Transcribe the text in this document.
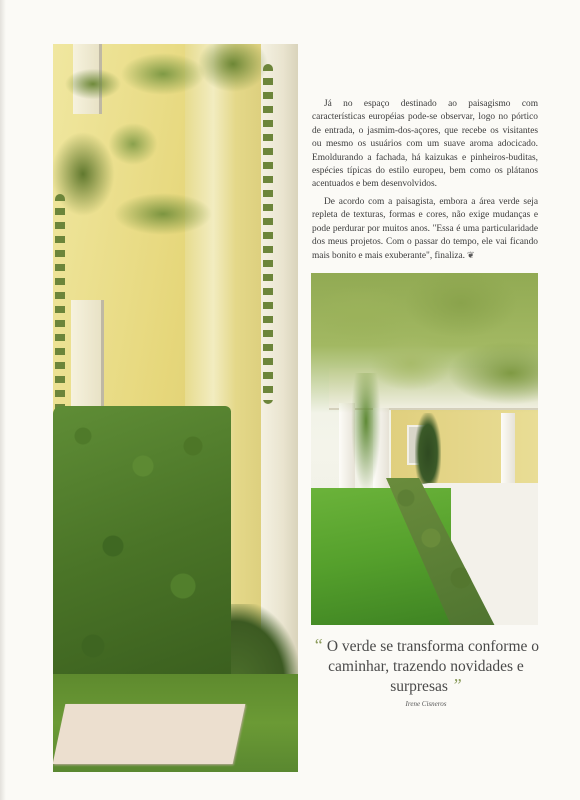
Já no espaço destinado ao paisagismo com características européias pode-se observar, logo no pórtico de entrada, o jasmim-dos-açores, que recebe os visitantes ou mesmo os usuários com um suave aroma adocicado. Emoldurando a fachada, há kaizukas e pinheiros-buditas, espécies típicas do estilo europeu, bem como os plátanos acentuados e bem desenvolvidos.

De acordo com a paisagista, embora a área verde seja repleta de texturas, formas e cores, não exige mudanças e pode perdurar por muitos anos. "Essa é uma particularidade dos meus projetos. Com o passar do tempo, ele vai ficando mais bonito e mais exuberante", finaliza. ❦

“ O verde se transforma conforme o caminhar, trazendo novidades e surpresas ”
Irene Cisneros
